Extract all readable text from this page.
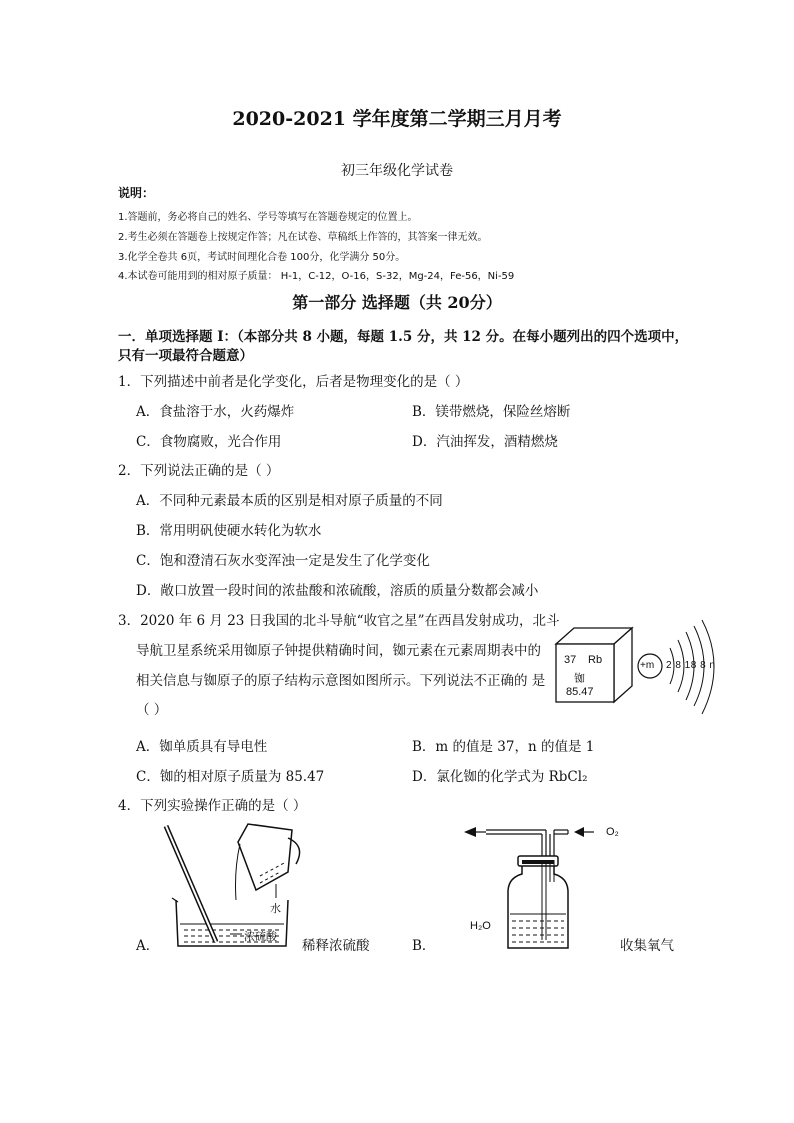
2020-2021 学年度第二学期三月月考
初三年级化学试卷
说明：
1.答题前，务必将自己的姓名、学号等填写在答题卷规定的位置上。
2.考生必须在答题卷上按规定作答；凡在试卷、草稿纸上作答的，其答案一律无效。
3.化学全卷共 6页，考试时间理化合卷 100分，化学满分 50分。
4.本试卷可能用到的相对原子质量： H-1，C-12，O-16，S-32，Mg-24，Fe-56，Ni-59
第一部分 选择题（共 20分）
一．单项选择题 I：（本部分共 8 小题，每题 1.5 分，共 12 分。在每小题列出的四个选项中，
只有一项最符合题意）
1．下列描述中前者是化学变化，后者是物理变化的是（ ）
A．食盐溶于水，火药爆炸	B．镁带燃烧，保险丝熔断
C．食物腐败，光合作用	D．汽油挥发，酒精燃烧
2．下列说法正确的是（ ）
A．不同种元素最本质的区别是相对原子质量的不同
B．常用明矾使硬水转化为软水
C．饱和澄清石灰水变浑浊一定是发生了化学变化
D．敞口放置一段时间的浓盐酸和浓硫酸，溶质的质量分数都会减小
3．2020 年 6 月 23 日我国的北斗导航“收官之星”在西昌发射成功，北斗
导航卫星系统采用铷原子钟提供精确时间，铷元素在元素周期表中的
相关信息与铷原子的原子结构示意图如图所示。下列说法不正确的 是
（ ）
37 Rb
铷
85.47
+m 2 8 18 8 n
A．铷单质具有导电性	B．m 的值是 37，n 的值是 1
C．铷的相对原子质量为 85.47	D．氯化铷的化学式为 RbCl₂
4．下列实验操作正确的是（ ）
水
浓硫酸
A．	稀释浓硫酸
O₂
H₂O
B．	收集氧气
